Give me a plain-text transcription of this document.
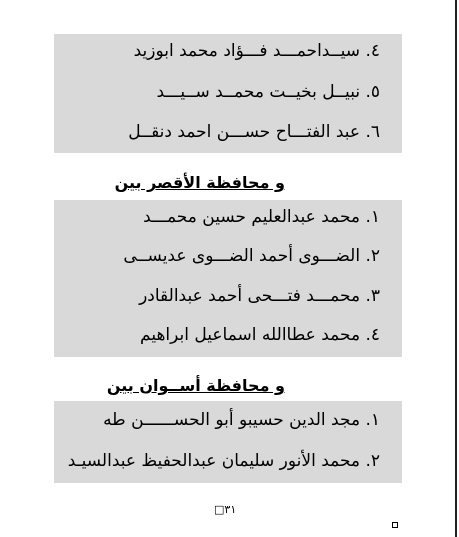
٤. سيــداحمـــد فـــؤاد محمد ابوزيد
٥. نبيــل بخيــت محمــد ســيـــد
٦. عبد الفتـــاح حســـن احمد دنقــل
و محافظة الأقصر بين
١. محمد عبدالعليم حسين محمـــد
٢. الضـــوى أحمد الضـــوى عديســى
٣. محمـــد فتـــحى أحمد عبدالقادر
٤. محمد عطاالله اسماعيل ابراهيم
و محافظة أســوان بين
١. مجد الدين حسيبو أبو الحســــــن طه
٢. محمد الأنور سليمان عبدالحفيظ عبدالسيـد
□٣١
